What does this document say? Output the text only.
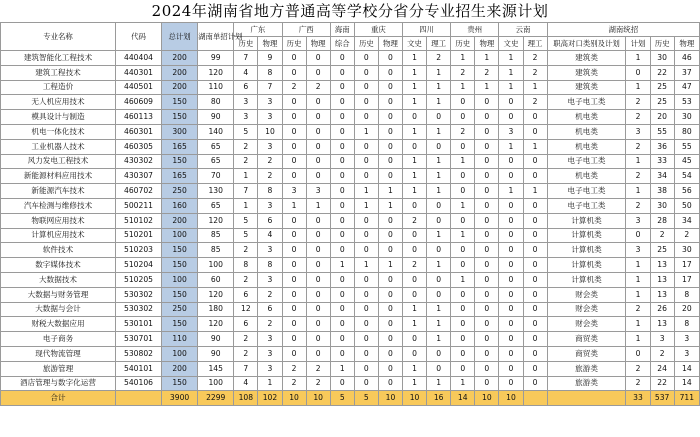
2024年湖南省地方普通高等学校分省分专业招生来源计划
专业名称	代码	总计划	湖南单招计划	广东		广西		海南	重庆		四川		贵州		云南		湖南统招			
				历史	物理	历史	物理	综合	历史	物理	文史	理工	历史	物理	文史	理工	职高对口类别及计划	计划	历史	物理
建筑智能化工程技术	440404	200	99	7	9	0	0	0	0	0	1	2	1	1	1	2	建筑类	1	30	46
建筑工程技术	440301	200	120	4	8	0	0	0	0	0	1	1	2	2	1	2	建筑类	0	22	37
工程造价	440501	200	110	6	7	2	2	0	0	0	1	1	1	1	1	1	建筑类	1	25	47
无人机应用技术	460609	150	80	3	3	0	0	0	0	0	1	1	0	0	0	2	电子电工类	2	25	53
模具设计与制造	460113	150	90	3	3	0	0	0	0	0	0	0	0	0	0	0	机电类	2	20	30
机电一体化技术	460301	300	140	5	10	0	0	0	1	0	1	1	2	0	3	0	机电类	3	55	80
工业机器人技术	460305	165	65	2	3	0	0	0	0	0	0	0	0	0	1	1	机电类	2	36	55
风力发电工程技术	430302	150	65	2	2	0	0	0	0	0	1	1	1	0	0	0	电子电工类	1	33	45
新能源材料应用技术	430307	165	70	1	2	0	0	0	0	0	1	1	0	0	0	0	机电类	2	34	54
新能源汽车技术	460702	250	130	7	8	3	3	0	1	1	1	1	0	0	1	1	电子电工类	1	38	56
汽车检测与维修技术	500211	160	65	1	3	1	1	0	1	1	0	0	1	0	0	0	电子电工类	2	30	50
物联网应用技术	510102	200	120	5	6	0	0	0	0	0	2	0	0	0	0	0	计算机类	3	28	34
计算机应用技术	510201	100	85	5	4	0	0	0	0	0	0	1	1	0	0	0	计算机类	0	2	2
软件技术	510203	150	85	2	3	0	0	0	0	0	0	0	0	0	0	0	计算机类	3	25	30
数字媒体技术	510204	150	100	8	8	0	0	1	1	1	2	1	0	0	0	0	计算机类	1	13	17
大数据技术	510205	100	60	2	3	0	0	0	0	0	0	0	1	0	0	0	计算机类	1	13	17
大数据与财务管理	530302	150	120	6	2	0	0	0	0	0	0	0	0	0	0	0	财会类	1	13	8
大数据与会计	530302	250	180	12	6	0	0	0	0	0	1	1	0	0	0	0	财会类	2	26	20
财税大数据应用	530101	150	120	6	2	0	0	0	0	0	1	1	0	0	0	0	财会类	1	13	8
电子商务	530701	110	90	2	3	0	0	0	0	0	0	1	0	0	0	0	商贸类	1	3	3
现代物流管理	530802	100	90	2	3	0	0	0	0	0	0	0	0	0	0	0	商贸类	0	2	3
旅游管理	540101	200	145	7	3	2	2	1	0	0	1	0	0	0	0	0	旅游类	2	24	14
酒店管理与数字化运营	540106	150	100	4	1	2	2	0	0	0	1	1	1	0	0	0	旅游类	2	22	14
合计		3900	2299	108	102	10	10	5	5	10	10	16	14	10	10			33	537	711
